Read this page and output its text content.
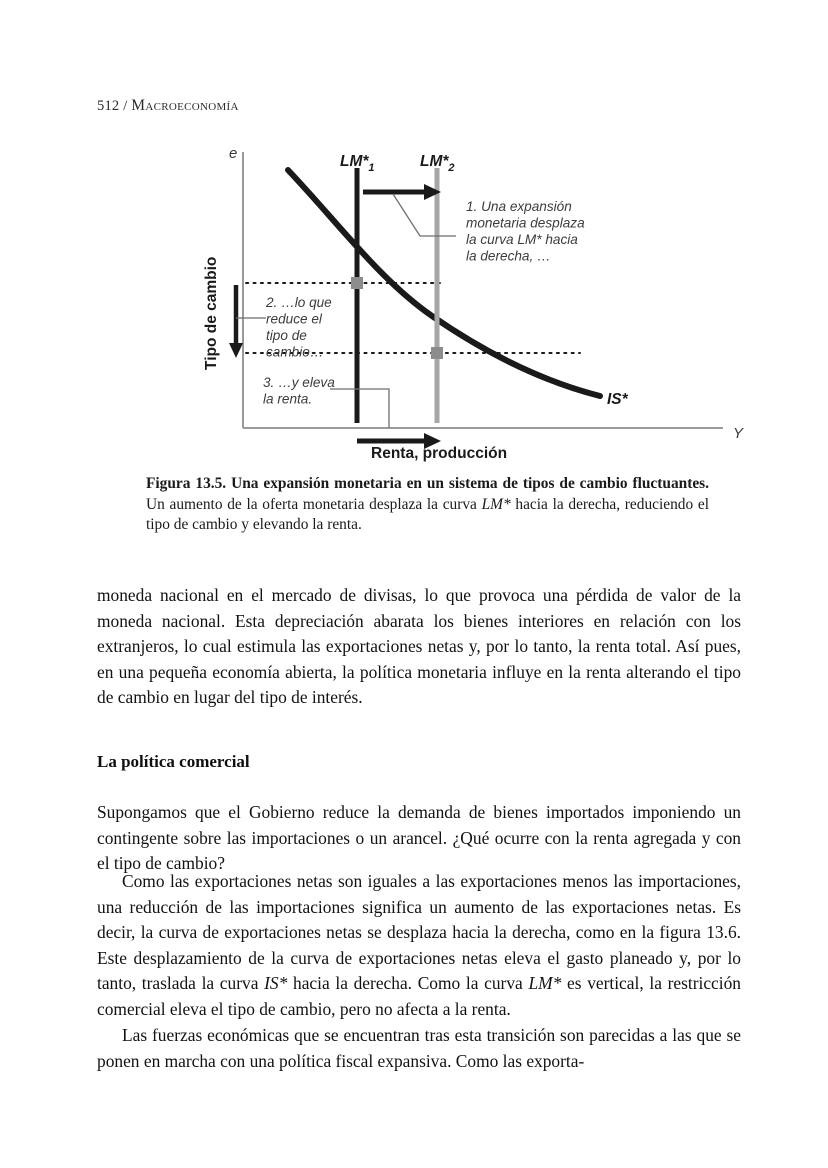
512 / Macroeconomía
e
Y
$LM*_1$	$LM*_2$
IS*
Tipo de cambio
Renta, producción
1. Una expansión monetaria desplaza la curva LM* hacia la derecha, …
2. …lo que reduce el tipo de cambio…
3. …y eleva la renta.
Figura 13.5. Una expansión monetaria en un sistema de tipos de cambio fluctuantes. Un aumento de la oferta monetaria desplaza la curva LM* hacia la derecha, reduciendo el tipo de cambio y elevando la renta.

moneda nacional en el mercado de divisas, lo que provoca una pérdida de valor de la moneda nacional. Esta depreciación abarata los bienes interiores en relación con los extranjeros, lo cual estimula las exportaciones netas y, por lo tanto, la renta total. Así pues, en una pequeña economía abierta, la política monetaria influye en la renta alterando el tipo de cambio en lugar del tipo de interés.

La política comercial

Supongamos que el Gobierno reduce la demanda de bienes importados imponiendo un contingente sobre las importaciones o un arancel. ¿Qué ocurre con la renta agregada y con el tipo de cambio?

Como las exportaciones netas son iguales a las exportaciones menos las importaciones, una reducción de las importaciones significa un aumento de las exportaciones netas. Es decir, la curva de exportaciones netas se desplaza hacia la derecha, como en la figura 13.6. Este desplazamiento de la curva de exportaciones netas eleva el gasto planeado y, por lo tanto, traslada la curva IS* hacia la derecha. Como la curva LM* es vertical, la restricción comercial eleva el tipo de cambio, pero no afecta a la renta.

Las fuerzas económicas que se encuentran tras esta transición son parecidas a las que se ponen en marcha con una política fiscal expansiva. Como las exporta-
